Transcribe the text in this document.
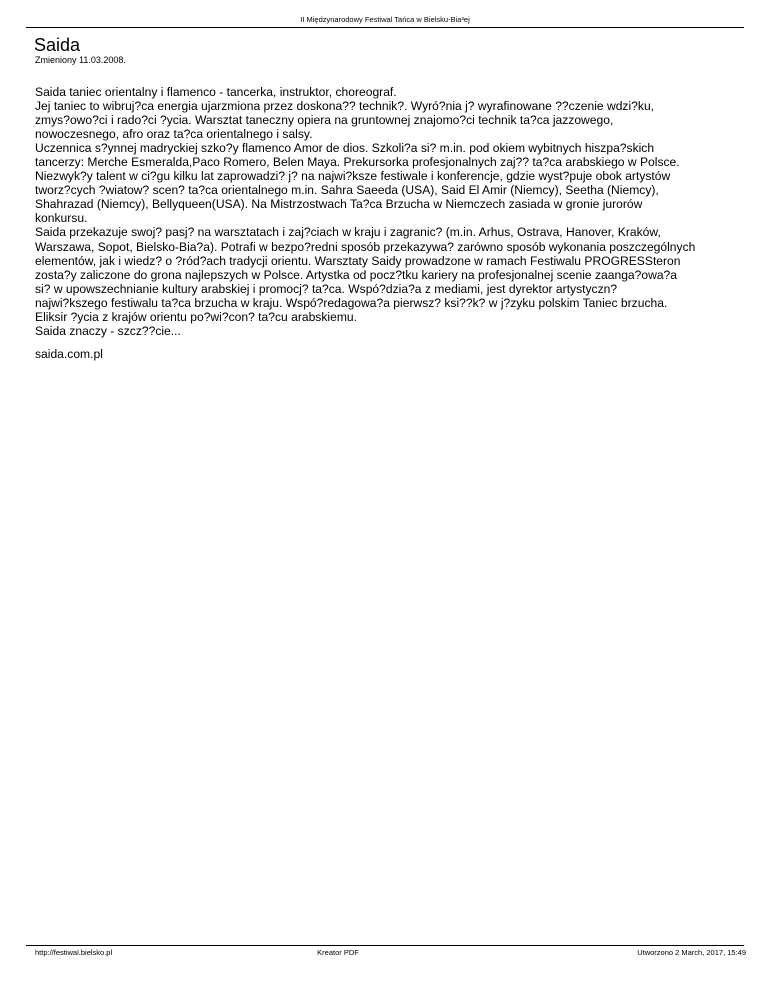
II Międzynarodowy Festiwal Tańca w Bielsku-Bia³ej
Saida
Zmieniony 11.03.2008.
Saida taniec orientalny i flamenco - tancerka, instruktor, choreograf.
Jej taniec to wibruj?ca energia ujarzmiona przez doskona?? technik?. Wyró?nia j? wyrafinowane ??czenie wdzi?ku,
zmys?owo?ci i rado?ci ?ycia. Warsztat taneczny opiera na gruntownej znajomo?ci technik ta?ca jazzowego,
nowoczesnego, afro oraz ta?ca orientalnego i salsy.
Uczennica s?ynnej madryckiej szko?y flamenco Amor de dios. Szkoli?a si? m.in. pod okiem wybitnych hiszpa?skich
tancerzy: Merche Esmeralda,Paco Romero, Belen Maya. Prekursorka profesjonalnych zaj?? ta?ca arabskiego w Polsce.
Niezwyk?y talent w ci?gu kilku lat zaprowadzi? j? na najwi?ksze festiwale i konferencje, gdzie wyst?puje obok artystów
tworz?cych ?wiatow? scen? ta?ca orientalnego m.in. Sahra Saeeda (USA), Said El Amir (Niemcy), Seetha (Niemcy),
Shahrazad (Niemcy), Bellyqueen(USA). Na Mistrzostwach Ta?ca Brzucha w Niemczech zasiada w gronie jurorów
konkursu.
Saida przekazuje swoj? pasj? na warsztatach i zaj?ciach w kraju i zagranic? (m.in. Arhus, Ostrava, Hanover, Kraków,
Warszawa, Sopot, Bielsko-Bia?a). Potrafi w bezpo?redni sposób przekazywa? zarówno sposób wykonania poszczególnych
elementów, jak i wiedz? o ?ród?ach tradycji orientu. Warsztaty Saidy prowadzone w ramach Festiwalu PROGRESSteron
zosta?y zaliczone do grona najlepszych w Polsce. Artystka od pocz?tku kariery na profesjonalnej scenie zaanga?owa?a
si? w upowszechnianie kultury arabskiej i promocj? ta?ca. Wspó?dzia?a z mediami, jest dyrektor artystyczn?
najwi?kszego festiwalu ta?ca brzucha w kraju. Wspó?redagowa?a pierwsz? ksi??k? w j?zyku polskim Taniec brzucha.
Eliksir ?ycia z krajów orientu po?wi?con? ta?cu arabskiemu.
Saida znaczy - szcz??cie...
saida.com.pl
http://festiwal.bielsko.pl	Kreator PDF	Utworzono 2 March, 2017, 15:49
